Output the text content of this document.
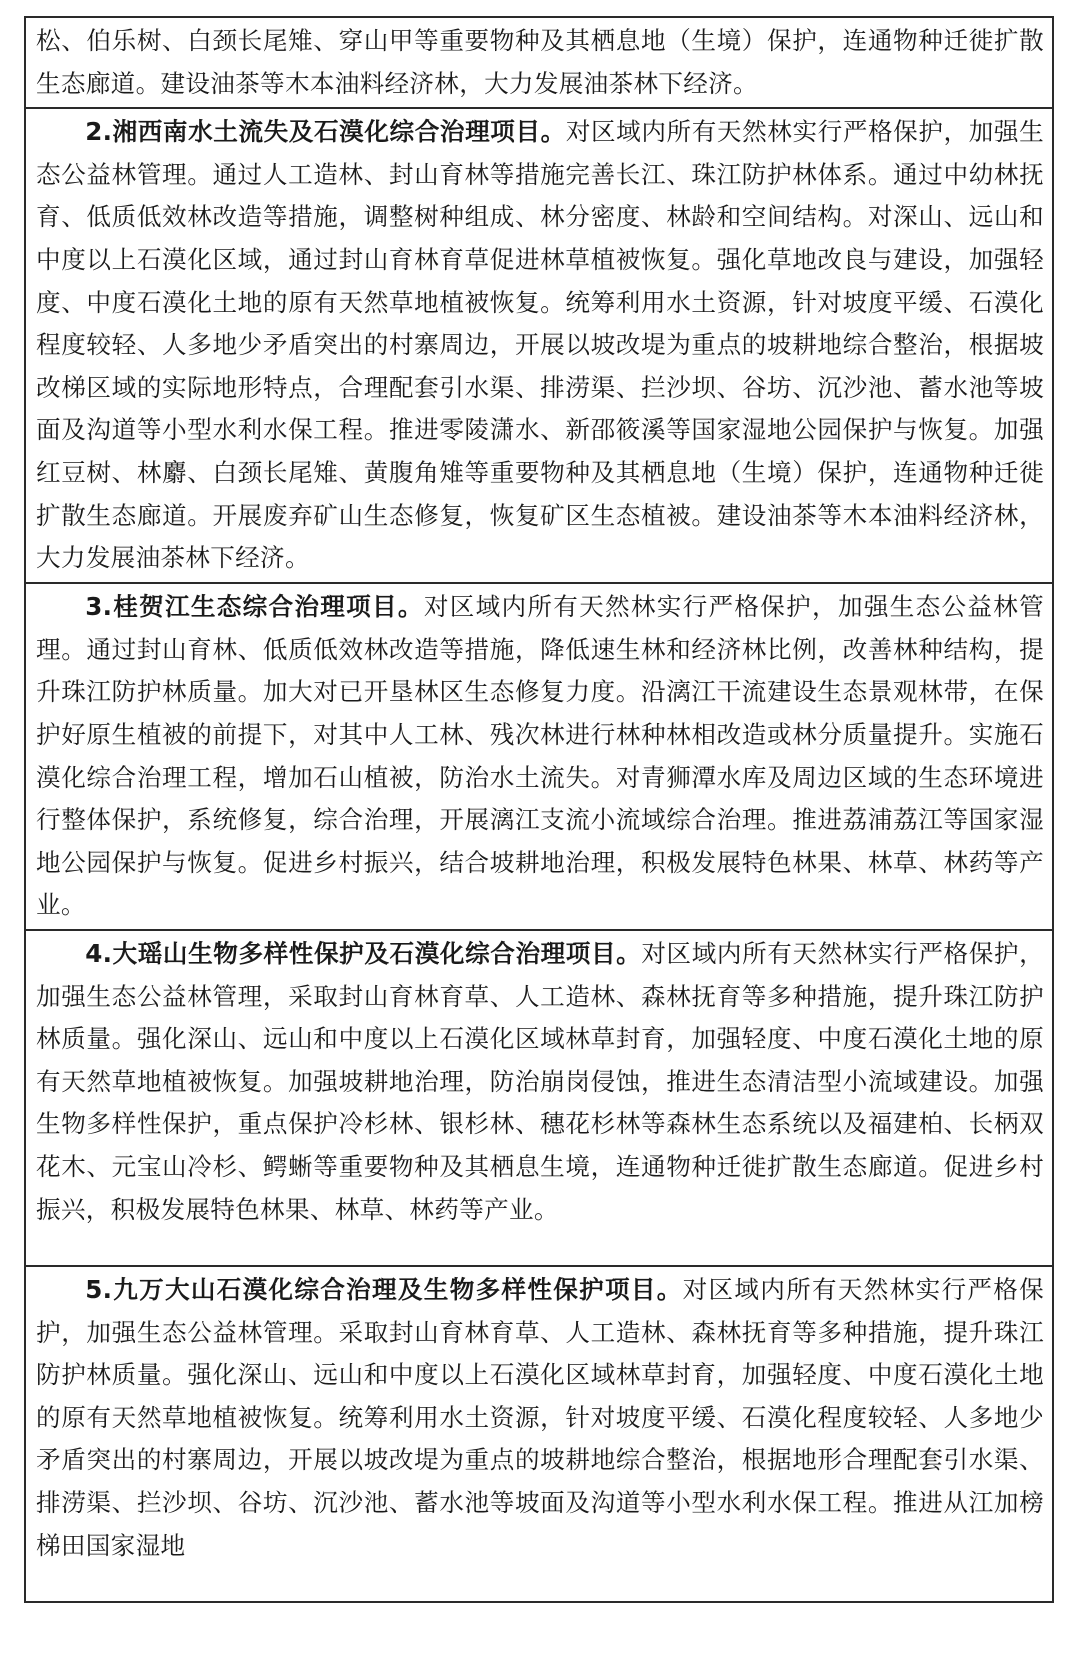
松、伯乐树、白颈长尾雉、穿山甲等重要物种及其栖息地（生境）保护，连通物种迁徙扩散生态廊道。建设油茶等木本油料经济林，大力发展油茶林下经济。

2.湘西南水土流失及石漠化综合治理项目。对区域内所有天然林实行严格保护，加强生态公益林管理。通过人工造林、封山育林等措施完善长江、珠江防护林体系。通过中幼林抚育、低质低效林改造等措施，调整树种组成、林分密度、林龄和空间结构。对深山、远山和中度以上石漠化区域，通过封山育林育草促进林草植被恢复。强化草地改良与建设，加强轻度、中度石漠化土地的原有天然草地植被恢复。统筹利用水土资源，针对坡度平缓、石漠化程度较轻、人多地少矛盾突出的村寨周边，开展以坡改堤为重点的坡耕地综合整治，根据坡改梯区域的实际地形特点，合理配套引水渠、排涝渠、拦沙坝、谷坊、沉沙池、蓄水池等坡面及沟道等小型水利水保工程。推进零陵潇水、新邵筱溪等国家湿地公园保护与恢复。加强红豆树、林麝、白颈长尾雉、黄腹角雉等重要物种及其栖息地（生境）保护，连通物种迁徙扩散生态廊道。开展废弃矿山生态修复，恢复矿区生态植被。建设油茶等木本油料经济林，大力发展油茶林下经济。

3.桂贺江生态综合治理项目。对区域内所有天然林实行严格保护，加强生态公益林管理。通过封山育林、低质低效林改造等措施，降低速生林和经济林比例，改善林种结构，提升珠江防护林质量。加大对已开垦林区生态修复力度。沿漓江干流建设生态景观林带，在保护好原生植被的前提下，对其中人工林、残次林进行林种林相改造或林分质量提升。实施石漠化综合治理工程，增加石山植被，防治水土流失。对青狮潭水库及周边区域的生态环境进行整体保护，系统修复，综合治理，开展漓江支流小流域综合治理。推进荔浦荔江等国家湿地公园保护与恢复。促进乡村振兴，结合坡耕地治理，积极发展特色林果、林草、林药等产业。

4.大瑶山生物多样性保护及石漠化综合治理项目。对区域内所有天然林实行严格保护，加强生态公益林管理，采取封山育林育草、人工造林、森林抚育等多种措施，提升珠江防护林质量。强化深山、远山和中度以上石漠化区域林草封育，加强轻度、中度石漠化土地的原有天然草地植被恢复。加强坡耕地治理，防治崩岗侵蚀，推进生态清洁型小流域建设。加强生物多样性保护，重点保护冷杉林、银杉林、穗花杉林等森林生态系统以及福建柏、长柄双花木、元宝山冷杉、鳄蜥等重要物种及其栖息生境，连通物种迁徙扩散生态廊道。促进乡村振兴，积极发展特色林果、林草、林药等产业。

5.九万大山石漠化综合治理及生物多样性保护项目。对区域内所有天然林实行严格保护，加强生态公益林管理。采取封山育林育草、人工造林、森林抚育等多种措施，提升珠江防护林质量。强化深山、远山和中度以上石漠化区域林草封育，加强轻度、中度石漠化土地的原有天然草地植被恢复。统筹利用水土资源，针对坡度平缓、石漠化程度较轻、人多地少矛盾突出的村寨周边，开展以坡改堤为重点的坡耕地综合整治，根据地形合理配套引水渠、排涝渠、拦沙坝、谷坊、沉沙池、蓄水池等坡面及沟道等小型水利水保工程。推进从江加榜梯田国家湿地
